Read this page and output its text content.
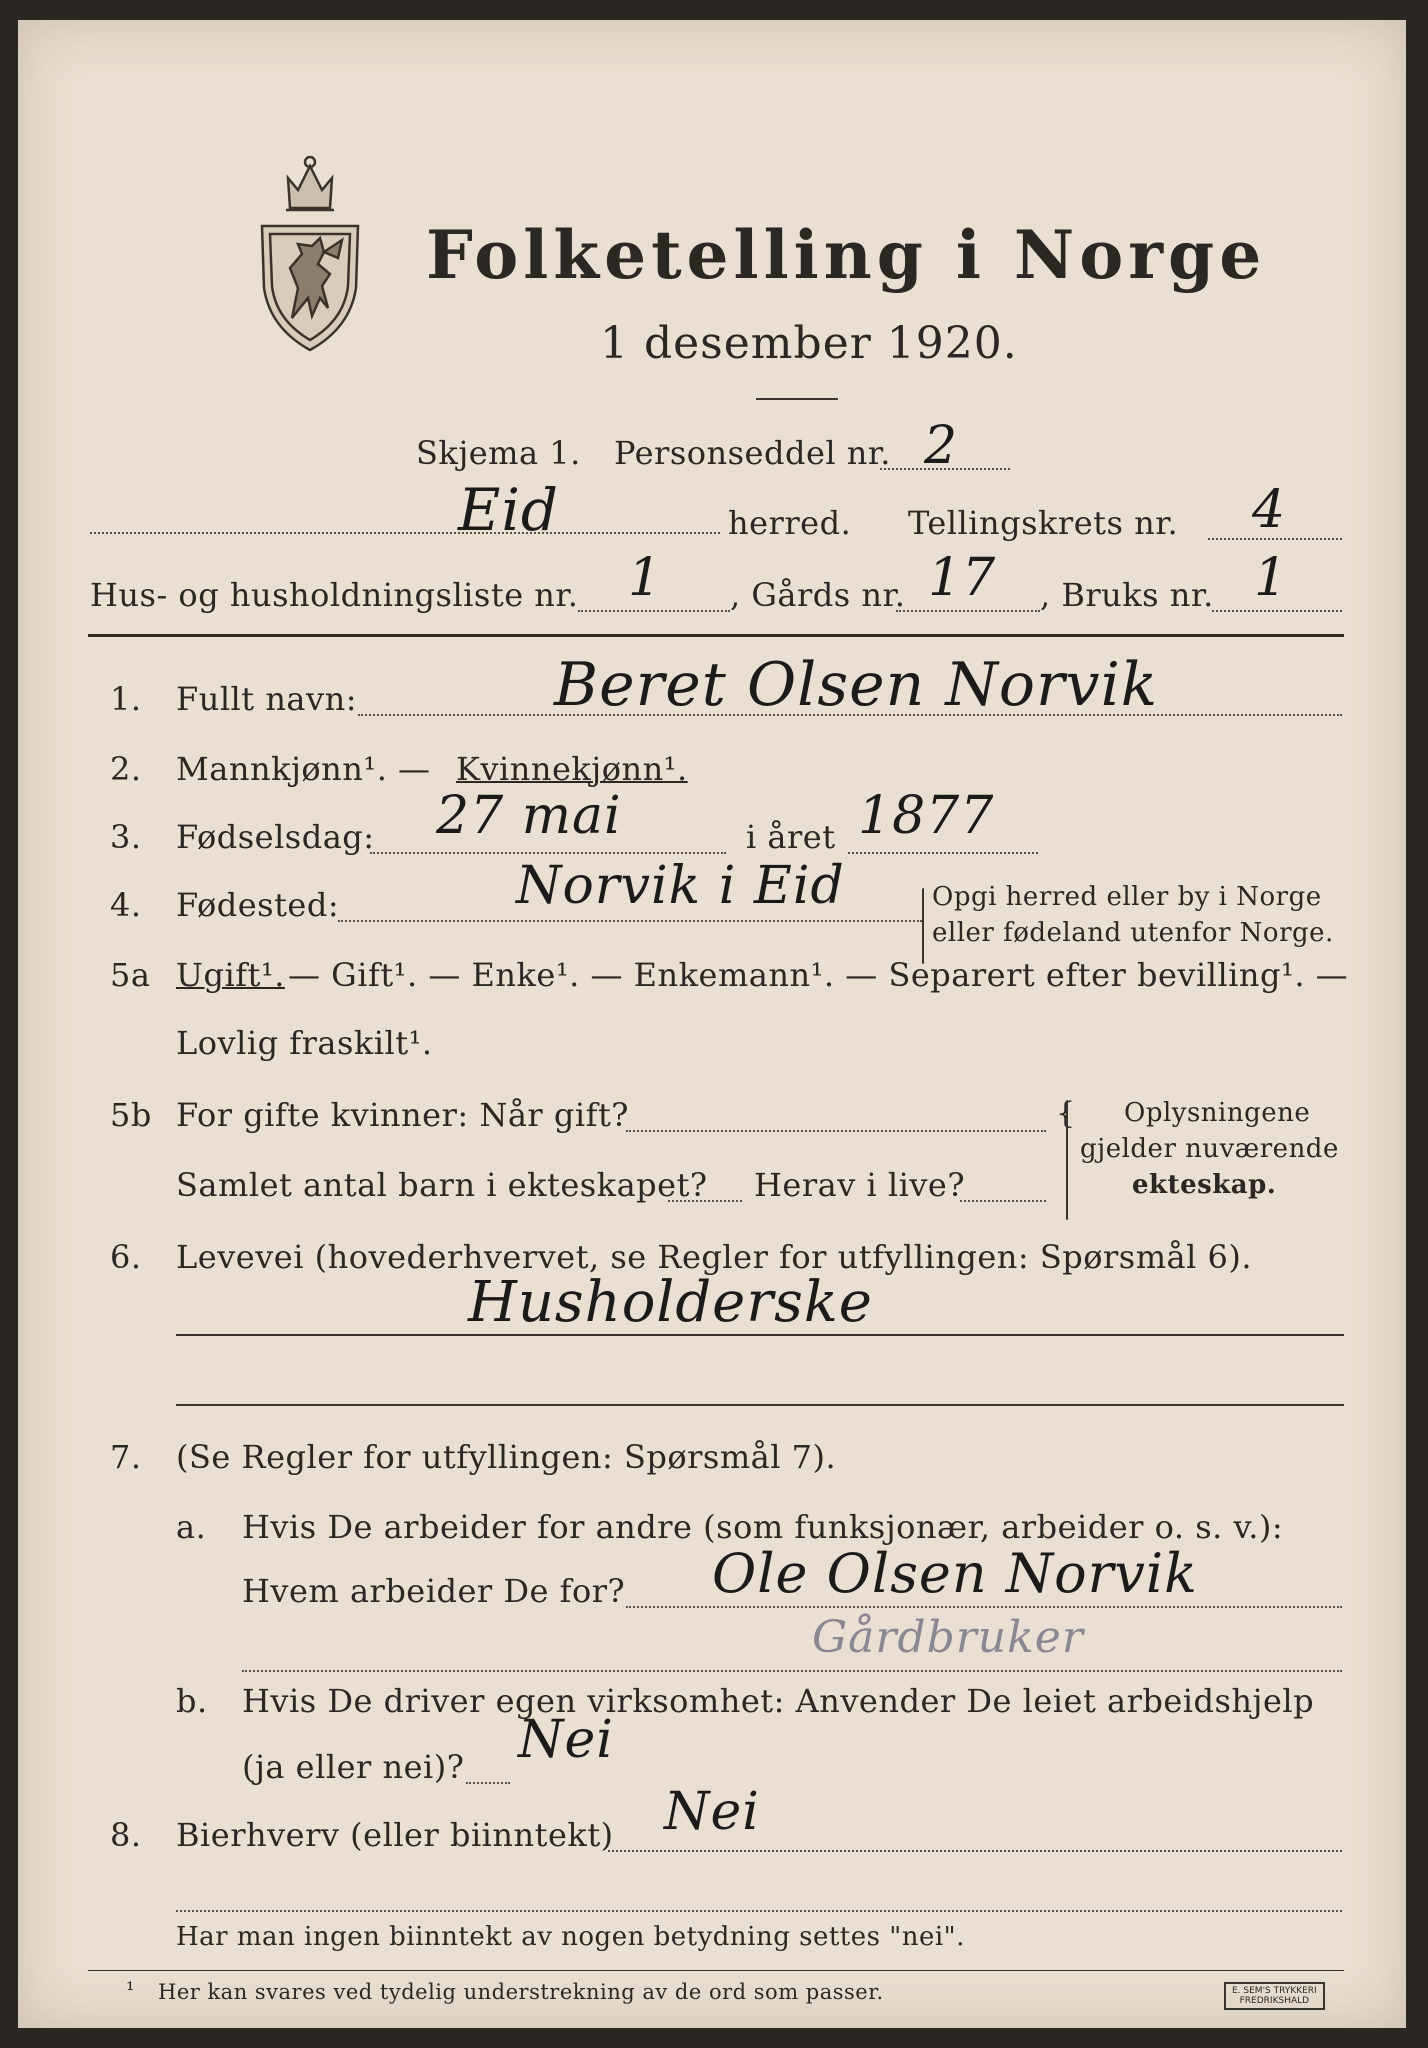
Folketelling i Norge
1 desember 1920.
Skjema 1. Personseddel nr. 2
Eid	herred. Tellingskrets nr. 4
Hus- og husholdningsliste nr. 1 , Gårds nr. 17 , Bruks nr. 1
1. Fullt navn:	Beret Olsen Norvik
2. Mannkjønn¹. — Kvinnekjønn¹.
3. Fødselsdag: 27 mai	i året 1877
4. Fødested:	Norvik i Eid	Opgi herred eller by i Norge
eller fødeland utenfor Norge.
5a Ugift¹. — Gift¹. — Enke¹. — Enkemann¹. — Separert efter bevilling¹. —
Lovlig fraskilt¹.
5b For gifte kvinner: Når gift?
Samlet antal barn i ekteskapet? Herav i live?
{ Oplysningene
gjelder nuværende
ekteskap.
6. Levevei (hovederhvervet, se Regler for utfyllingen: Spørsmål 6).
Husholderske
7. (Se Regler for utfyllingen: Spørsmål 7).
a. Hvis De arbeider for andre (som funksjonær, arbeider o. s. v.):
Hvem arbeider De for? Ole Olsen Norvik
Gårdbruker
b. Hvis De driver egen virksomhet: Anvender De leiet arbeidshjelp
(ja eller nei)? Nei
8. Bierhverv (eller biinntekt) Nei
Har man ingen biinntekt av nogen betydning settes "nei".
¹ Her kan svares ved tydelig understrekning av de ord som passer.	E. SEM'S TRYKKERI
FREDRIKSHALD
